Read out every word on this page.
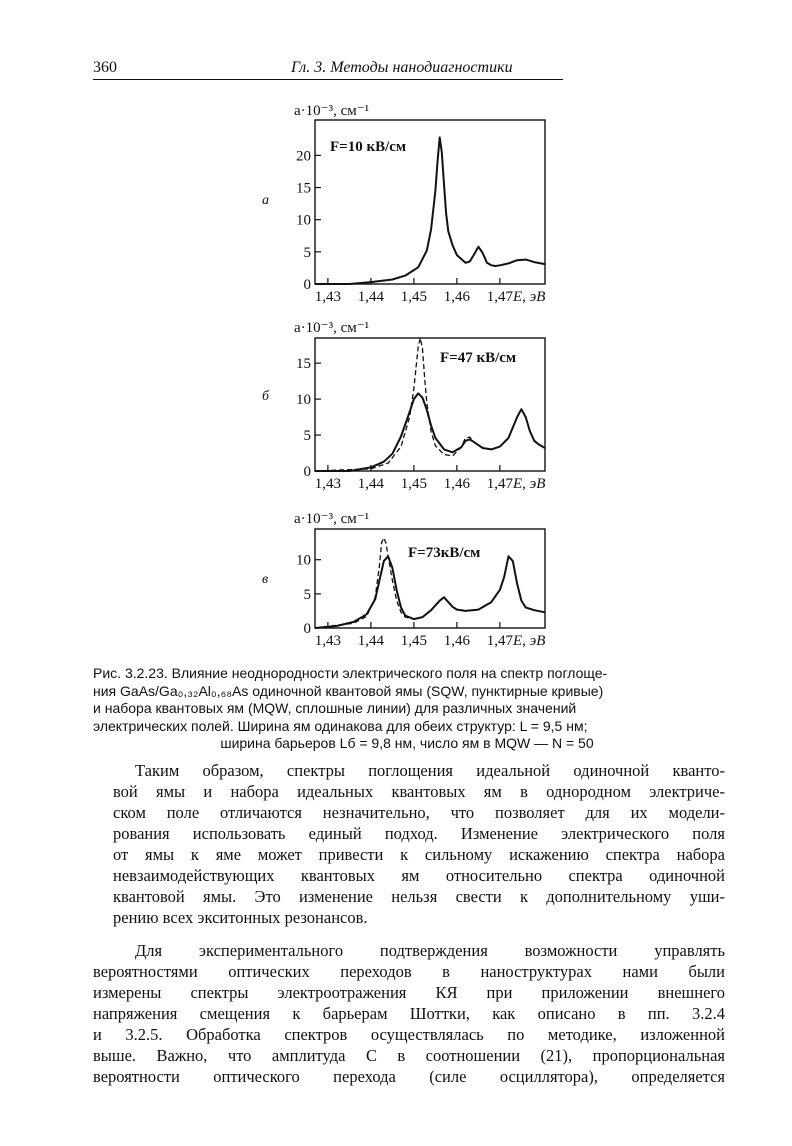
360	Гл. 3. Методы нанодиагностики
a·10⁻³, см⁻¹
а
a·10⁻³, см⁻¹
б
a·10⁻³, см⁻¹
в
0
5
10
15
20
1,43 1,44 1,45 1,46 1,47 E, эВ
F=10 кВ/см
0
5
10
15
1,43 1,44 1,45 1,46 1,47 E, эВ
F=47 кВ/см
0
5
10
1,43 1,44 1,45 1,46 1,47 E, эВ
F=73кВ/см
Рис. 3.2.23. Влияние неоднородности электрического поля на спектр поглоще-
ния GaAs/Ga₀,₃₂Al₀,₆₈As одиночной квантовой ямы (SQW, пунктирные кривые)
и набора квантовых ям (MQW, сплошные линии) для различных значений
электрических полей. Ширина ям одинакова для обеих структур: L = 9,5 нм;
ширина барьеров Lб = 9,8 нм, число ям в MQW — N = 50

Таким образом, спектры поглощения идеальной одиночной кванто-
вой ямы и набора идеальных квантовых ям в однородном электриче-
ском поле отличаются незначительно, что позволяет для их модели-
рования использовать единый подход. Изменение электрического поля
от ямы к яме может привести к сильному искажению спектра набора
невзаимодействующих квантовых ям относительно спектра одиночной
квантовой ямы. Это изменение нельзя свести к дополнительному уши-
рению всех экситонных резонансов.

Для экспериментального подтверждения возможности управлять
вероятностями оптических переходов в наноструктурах нами были
измерены спектры электроотражения КЯ при приложении внешнего
напряжения смещения к барьерам Шоттки, как описано в пп. 3.2.4
и 3.2.5. Обработка спектров осуществлялась по методике, изложенной
выше. Важно, что амплитуда C в соотношении (21), пропорциональная
вероятности оптического перехода (силе осциллятора), определяется
